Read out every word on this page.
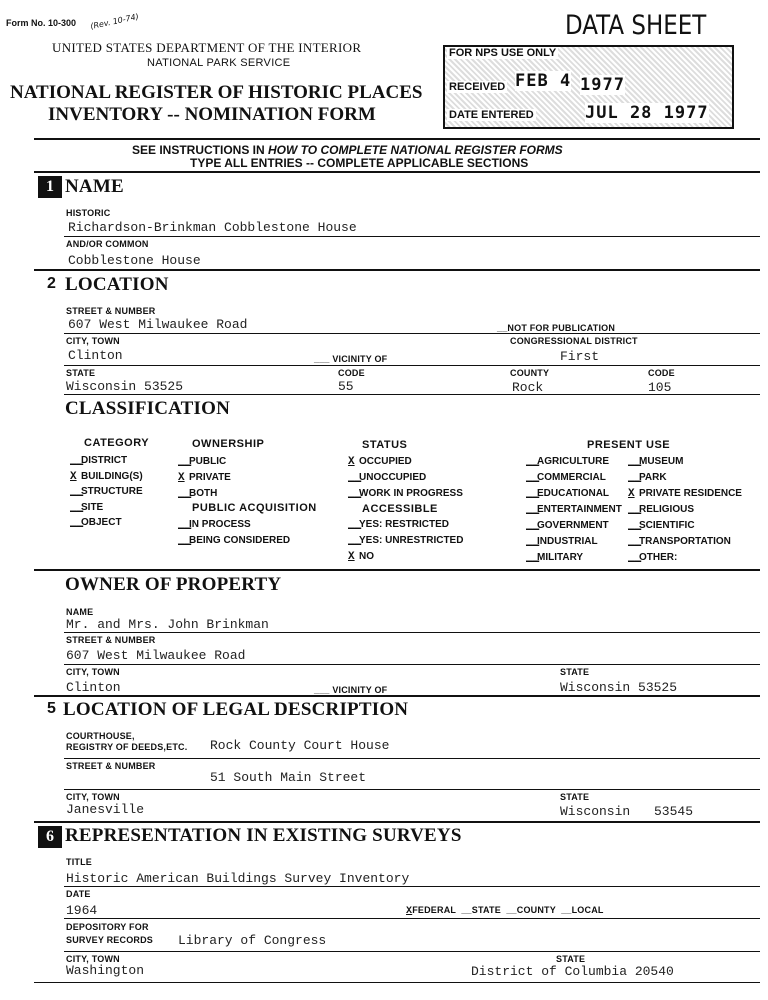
Form No. 10-300 (Rev. 10-74)
UNITED STATES DEPARTMENT OF THE INTERIOR
NATIONAL PARK SERVICE
NATIONAL REGISTER OF HISTORIC PLACES
INVENTORY -- NOMINATION FORM
DATA SHEET
FOR NPS USE ONLY
RECEIVED FEB 4 1977
DATE ENTERED	JUL 28 1977
SEE INSTRUCTIONS IN HOW TO COMPLETE NATIONAL REGISTER FORMS
TYPE ALL ENTRIES -- COMPLETE APPLICABLE SECTIONS
1 NAME
HISTORIC
Richardson-Brinkman Cobblestone House
AND/OR COMMON
Cobblestone House
2 LOCATION
STREET & NUMBER
607 West Milwaukee Road	__NOT FOR PUBLICATION
CITY, TOWN	CONGRESSIONAL DISTRICT
Clinton	___ VICINITY OF	First
STATE	CODE	COUNTY	CODE
Wisconsin 53525	55	Rock	105
CLASSIFICATION
CATEGORY
__DISTRICT
X BUILDING(S)
__STRUCTURE
__SITE
__OBJECT
OWNERSHIP
__PUBLIC
X PRIVATE
__BOTH
PUBLIC ACQUISITION
__IN PROCESS
__BEING CONSIDERED
STATUS
X OCCUPIED
__UNOCCUPIED
__WORK IN PROGRESS
ACCESSIBLE
__YES: RESTRICTED
__YES: UNRESTRICTED
X NO
PRESENT USE
__AGRICULTURE
__COMMERCIAL
__EDUCATIONAL
__ENTERTAINMENT
__GOVERNMENT
__INDUSTRIAL
__MILITARY
__MUSEUM
__PARK
X PRIVATE RESIDENCE
__RELIGIOUS
__SCIENTIFIC
__TRANSPORTATION
__OTHER:
OWNER OF PROPERTY
NAME
Mr. and Mrs. John Brinkman
STREET & NUMBER
607 West Milwaukee Road
CITY, TOWN	STATE
Clinton	___ VICINITY OF	Wisconsin 53525
5 LOCATION OF LEGAL DESCRIPTION
COURTHOUSE,
REGISTRY OF DEEDS,ETC. Rock County Court House
STREET & NUMBER
51 South Main Street
CITY, TOWN	STATE
Janesville	Wisconsin 53545
6 REPRESENTATION IN EXISTING SURVEYS
TITLE
Historic American Buildings Survey Inventory
DATE
1964	XFEDERAL  __STATE  __COUNTY  __LOCAL
DEPOSITORY FOR
SURVEY RECORDS Library of Congress
CITY, TOWN	STATE
Washington	District of Columbia 20540
